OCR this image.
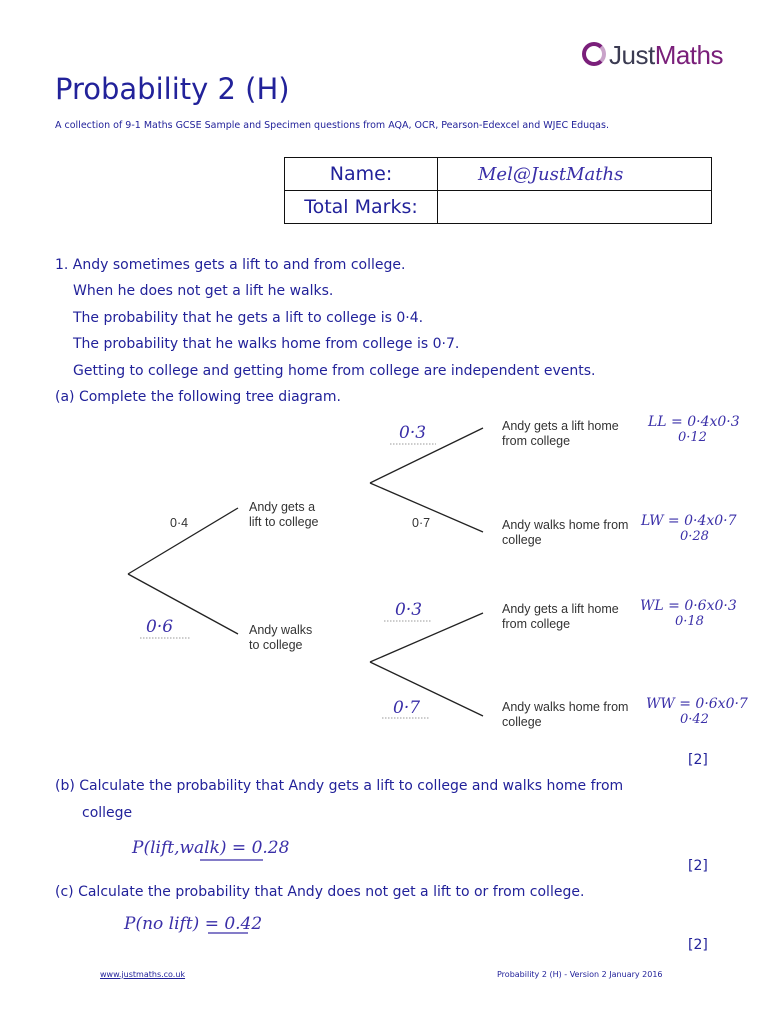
JustMaths
Probability 2 (H)
A collection of 9-1 Maths GCSE Sample and Specimen questions from AQA, OCR, Pearson-Edexcel and WJEC Eduqas.
Name:	Mel@JustMaths
Total Marks:	
1. Andy sometimes gets a lift to and from college.
When he does not get a lift he walks.
The probability that he gets a lift to college is 0·4.
The probability that he walks home from college is 0·7.
Getting to college and getting home from college are independent events.
(a) Complete the following tree diagram.
0·4
Andy gets a
lift to college
0·6	Andy walks
to college
0·3
0·7
0·3
0·7
Andy gets a lift home
from college
Andy walks home from
college
Andy gets a lift home
from college
Andy walks home from
college
LL = 0·4x0·3
0·12
LW = 0·4x0·7
0·28
WL = 0·6x0·3
0·18
WW = 0·6x0·7
0·42
[2]
(b) Calculate the probability that Andy gets a lift to college and walks home from
college
P(lift,walk) = 0.28
[2]
(c) Calculate the probability that Andy does not get a lift to or from college.
P(no lift) = 0.42
[2]
www.justmaths.co.uk	Probability 2 (H) - Version 2 January 2016
